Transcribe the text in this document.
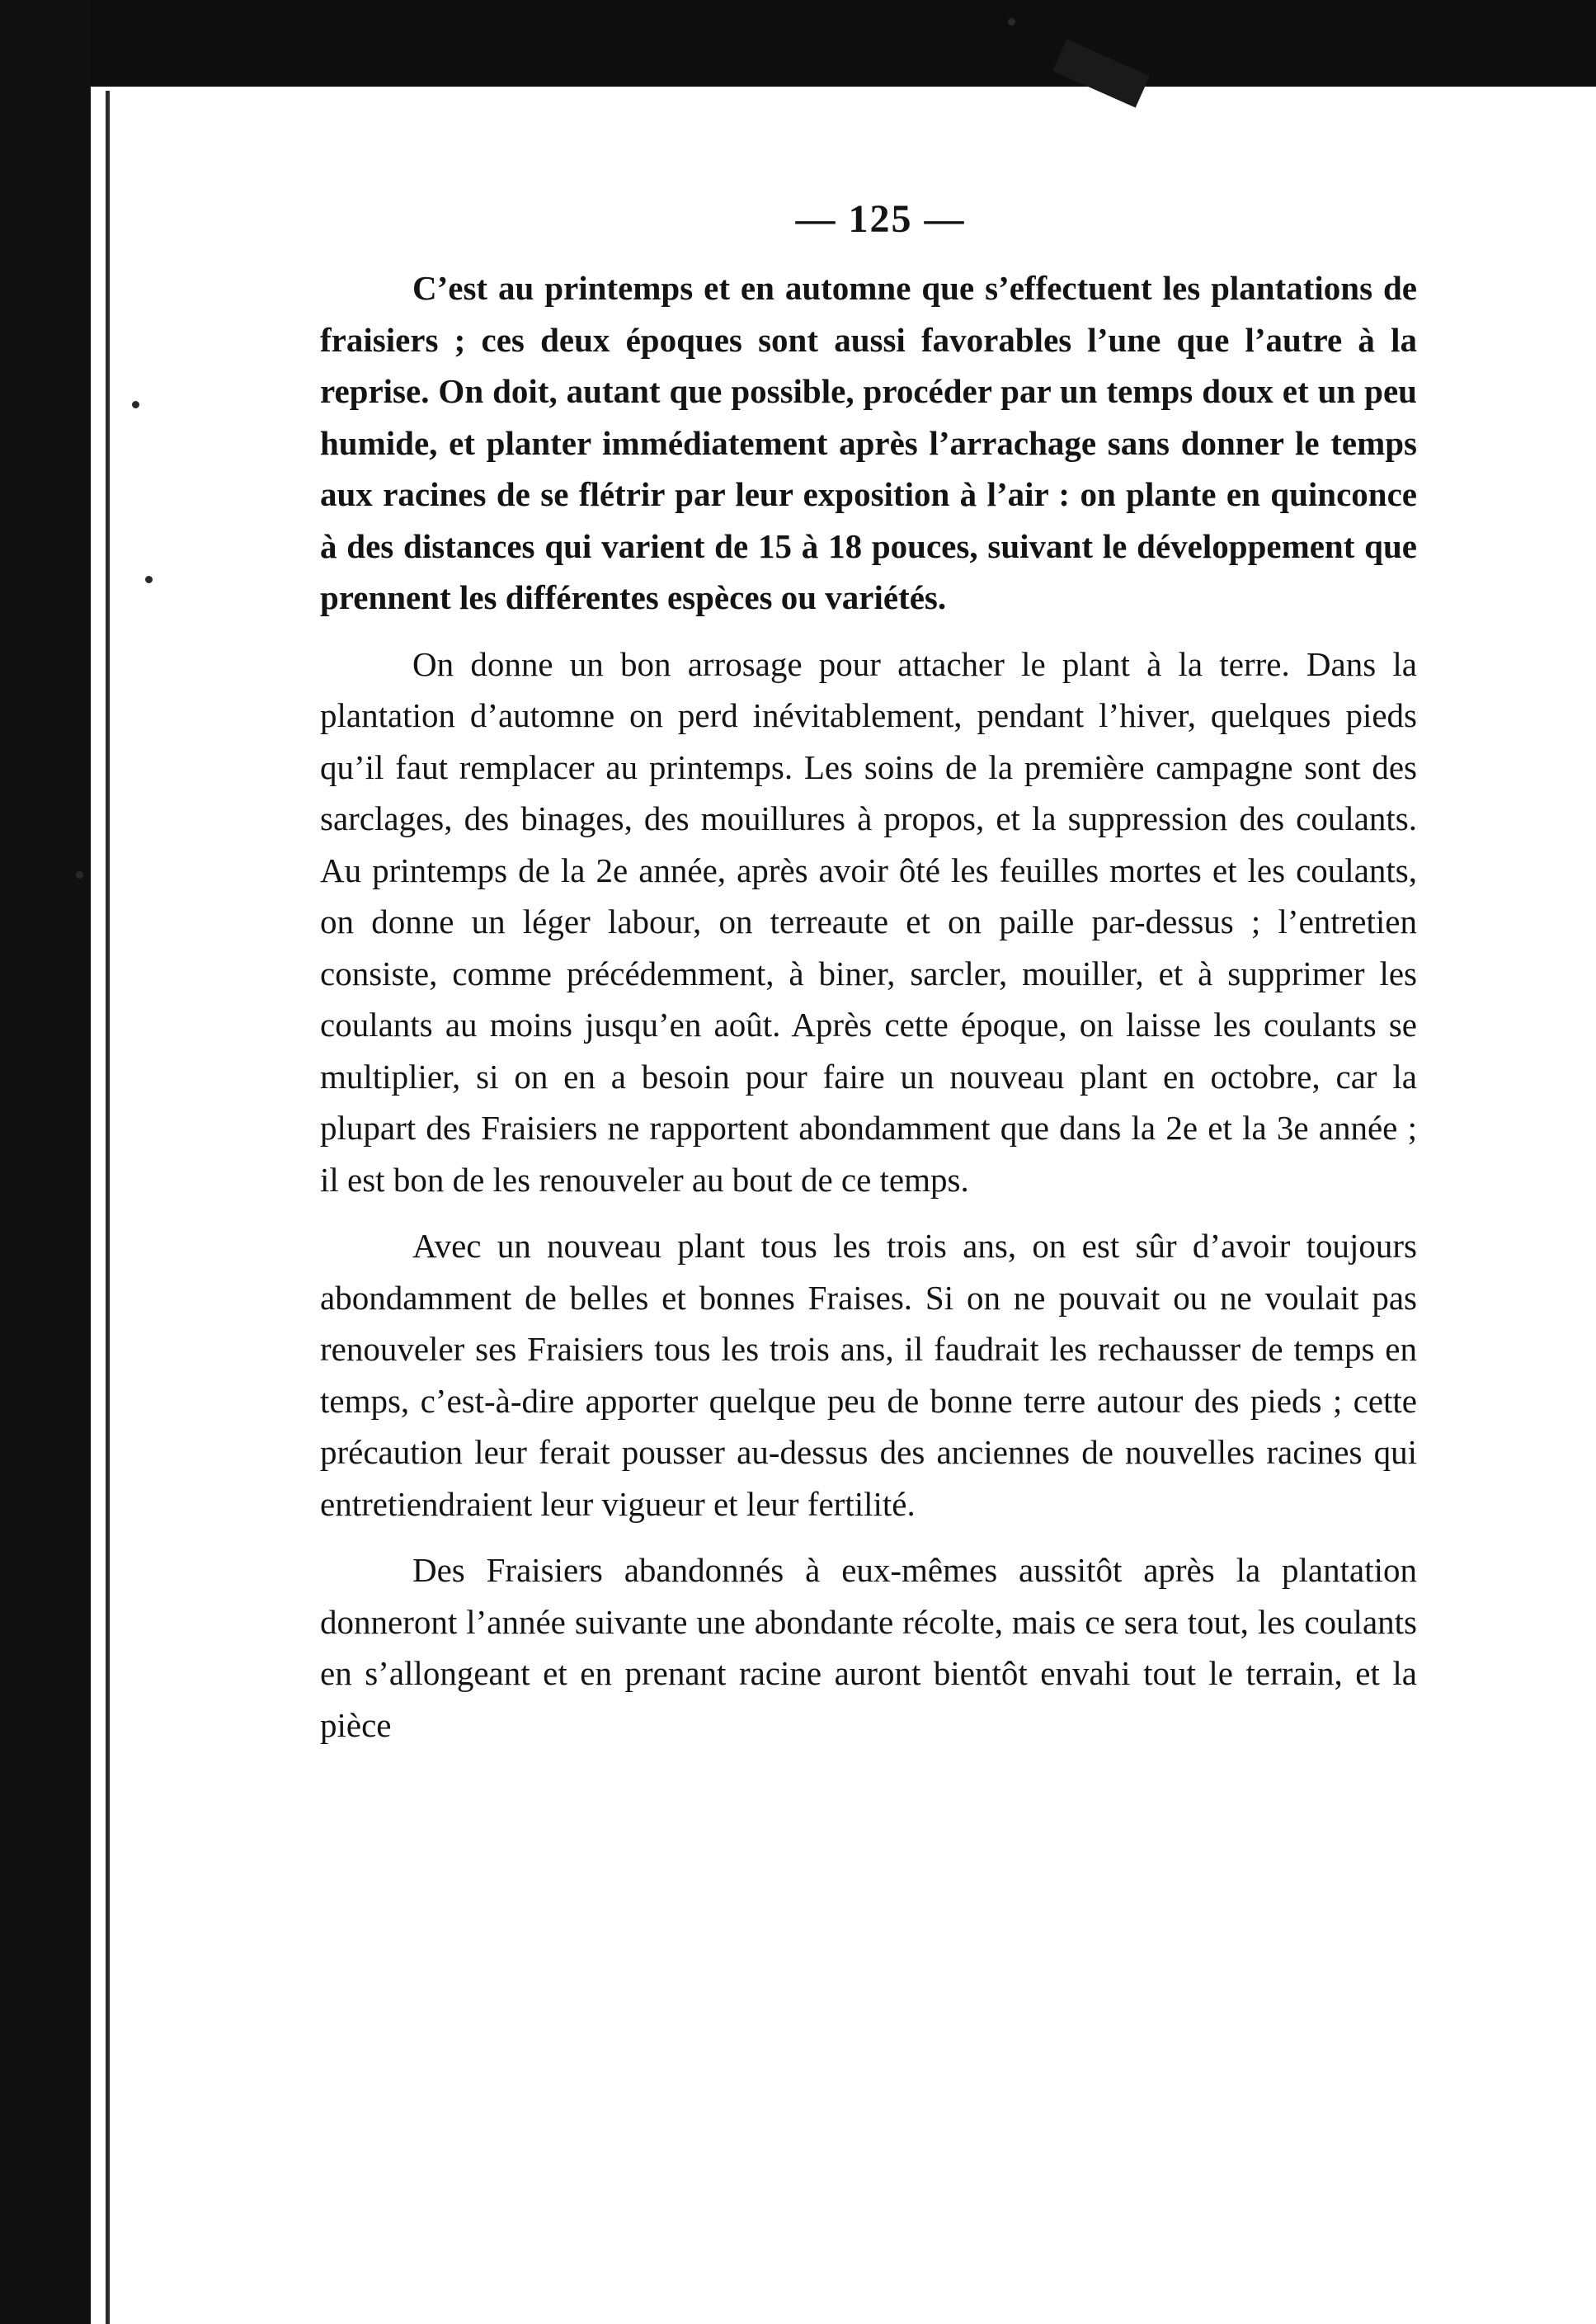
— 125 —

C’est au printemps et en automne que s’effectuent les plantations de fraisiers ; ces deux époques sont aussi favorables l’une que l’autre à la reprise. On doit, autant que possible, procéder par un temps doux et un peu humide, et planter immédiatement après l’arrachage sans donner le temps aux racines de se flétrir par leur exposition à l’air : on plante en quinconce à des distances qui varient de 15 à 18 pouces, suivant le développement que prennent les différentes espèces ou variétés.

On donne un bon arrosage pour attacher le plant à la terre. Dans la plantation d’automne on perd inévitablement, pendant l’hiver, quelques pieds qu’il faut remplacer au printemps. Les soins de la première campagne sont des sarclages, des binages, des mouillures à propos, et la suppression des coulants. Au printemps de la 2e année, après avoir ôté les feuilles mortes et les coulants, on donne un léger labour, on terreaute et on paille par-dessus ; l’entretien consiste, comme précédemment, à biner, sarcler, mouiller, et à supprimer les coulants au moins jusqu’en août. Après cette époque, on laisse les coulants se multiplier, si on en a besoin pour faire un nouveau plant en octobre, car la plupart des Fraisiers ne rapportent abondamment que dans la 2e et la 3e année ; il est bon de les renouveler au bout de ce temps.

Avec un nouveau plant tous les trois ans, on est sûr d’avoir toujours abondamment de belles et bonnes Fraises. Si on ne pouvait ou ne voulait pas renouveler ses Fraisiers tous les trois ans, il faudrait les rechausser de temps en temps, c’est-à-dire apporter quelque peu de bonne terre autour des pieds ; cette précaution leur ferait pousser au-dessus des anciennes de nouvelles racines qui entretiendraient leur vigueur et leur fertilité.

Des Fraisiers abandonnés à eux-mêmes aussitôt après la plantation donneront l’année suivante une abondante récolte, mais ce sera tout, les coulants en s’allongeant et en prenant racine auront bientôt envahi tout le terrain, et la pièce
